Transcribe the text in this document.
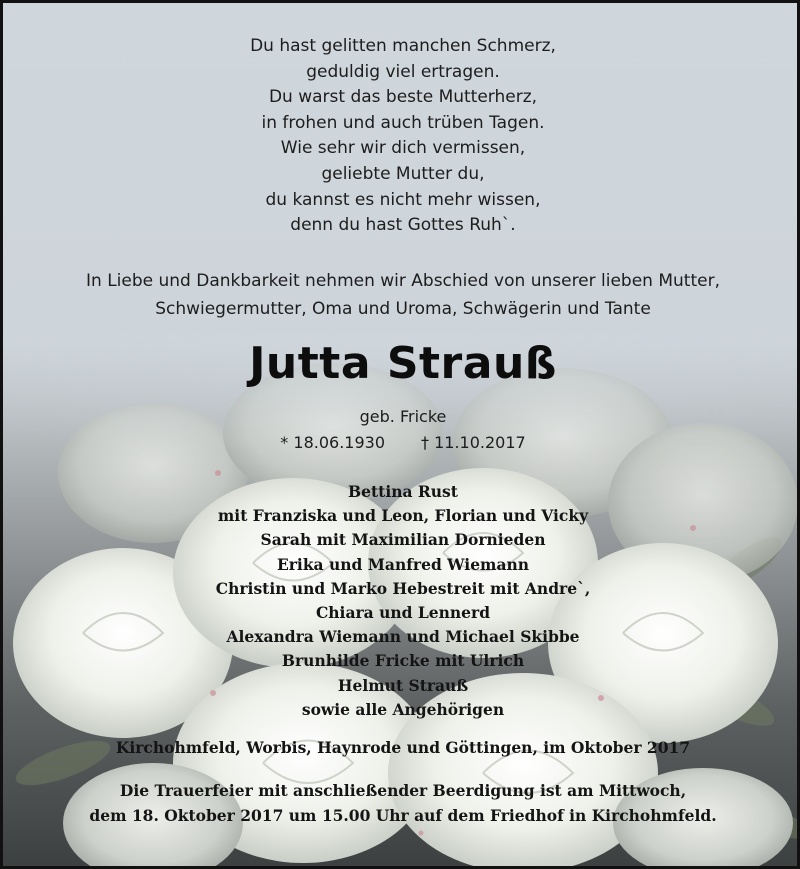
Du hast gelitten manchen Schmerz,
geduldig viel ertragen.
Du warst das beste Mutterherz,
in frohen und auch trüben Tagen.
Wie sehr wir dich vermissen,
geliebte Mutter du,
du kannst es nicht mehr wissen,
denn du hast Gottes Ruh`.
In Liebe und Dankbarkeit nehmen wir Abschied von unserer lieben Mutter,
Schwiegermutter, Oma und Uroma, Schwägerin und Tante
Jutta Strauß
geb. Fricke
* 18.06.1930 † 11.10.2017
Bettina Rust
mit Franziska und Leon, Florian und Vicky
Sarah mit Maximilian Dornieden
Erika und Manfred Wiemann
Christin und Marko Hebestreit mit Andre`,
Chiara und Lennerd
Alexandra Wiemann und Michael Skibbe
Brunhilde Fricke mit Ulrich
Helmut Strauß
sowie alle Angehörigen
Kirchohmfeld, Worbis, Haynrode und Göttingen, im Oktober 2017
Die Trauerfeier mit anschließender Beerdigung ist am Mittwoch,
dem 18. Oktober 2017 um 15.00 Uhr auf dem Friedhof in Kirchohmfeld.
